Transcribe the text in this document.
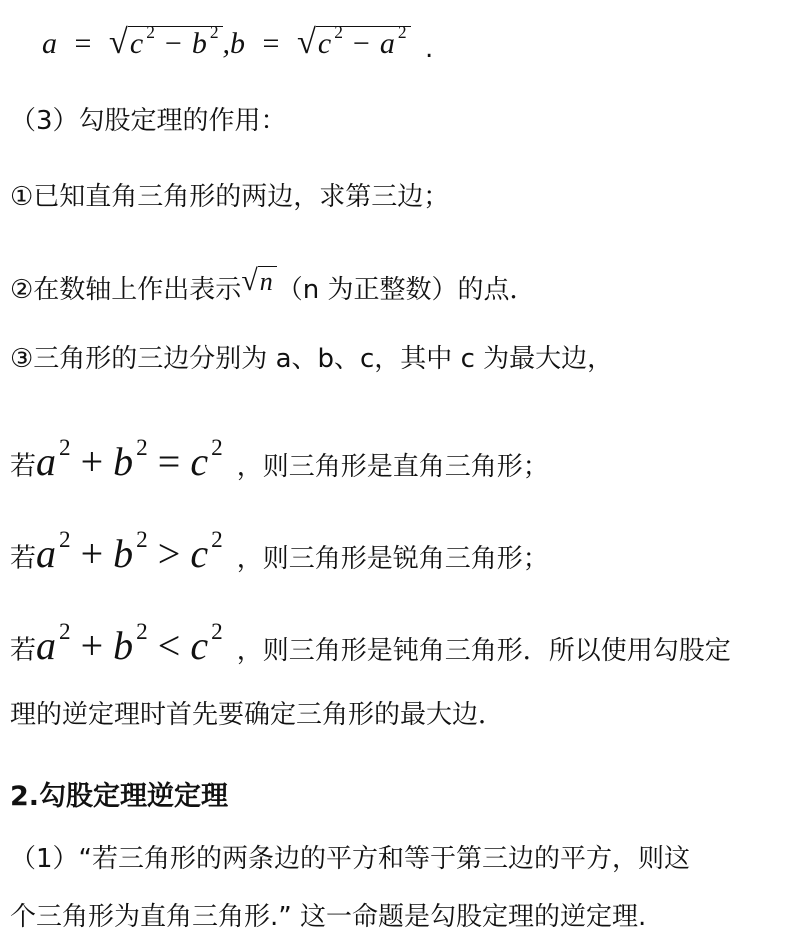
a = √c $^2$ − b $^2$ ,b = √c $^2$ − a $^2$
.
（3）勾股定理的作用：
①已知直角三角形的两边，求第三边；
②在数轴上作出表示√n （n 为正整数）的点．
③三角形的三边分别为 a、b、c，其中 c 为最大边，
若a $^2$ + b $^2$ = c $^2$，则三角形是直角三角形；
若a $^2$ + b $^2$ > c $^2$，则三角形是锐角三角形；
若a $^2$ + b $^2$ < c $^2$，则三角形是钝角三角形．所以使用勾股定
理的逆定理时首先要确定三角形的最大边．
2.勾股定理逆定理
（1）“若三角形的两条边的平方和等于第三边的平方，则这
个三角形为直角三角形.” 这一命题是勾股定理的逆定理.
